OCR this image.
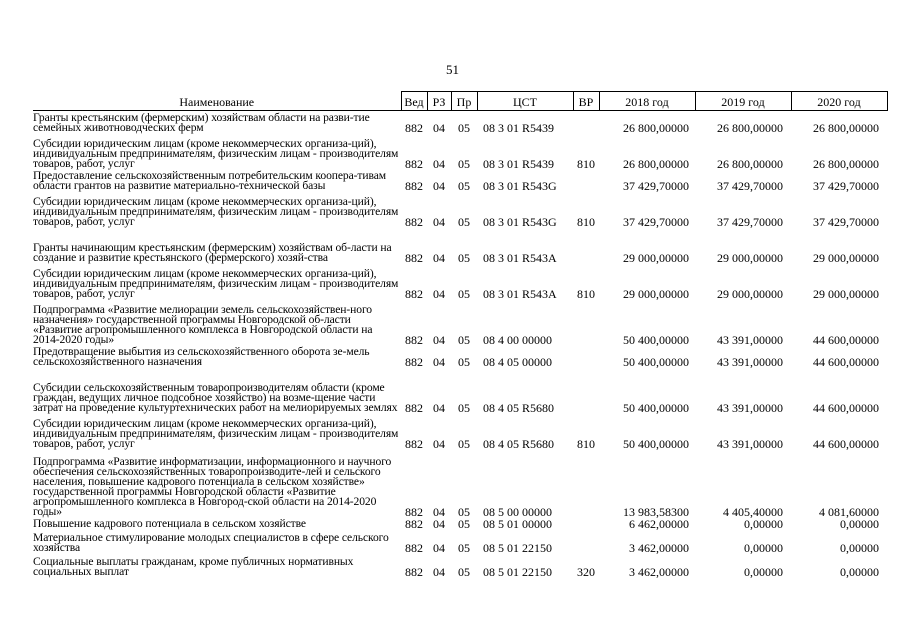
51
Наименование	Вед	РЗ	Пр	ЦСТ	ВР	2018 год	2019 год	2020 год
Гранты крестьянским (фермерским) хозяйствам области на разви-тие семейных животноводческих ферм	882	04	05	08 3 01 R5439		26 800,00000	26 800,00000	26 800,00000
Субсидии юридическим лицам (кроме некоммерческих организа-ций), индивидуальным предпринимателям, физическим лицам - производителям товаров, работ, услуг	882	04	05	08 3 01 R5439	810	26 800,00000	26 800,00000	26 800,00000
Предоставление сельскохозяйственным потребительским коопера-тивам области грантов на развитие материально-технической базы	882	04	05	08 3 01 R543G		37 429,70000	37 429,70000	37 429,70000
Субсидии юридическим лицам (кроме некоммерческих организа-ций), индивидуальным предпринимателям, физическим лицам - производителям товаров, работ, услуг	882	04	05	08 3 01 R543G	810	37 429,70000	37 429,70000	37 429,70000
Гранты начинающим крестьянским (фермерским) хозяйствам об-ласти на создание и развитие крестьянского (фермерского) хозяй-ства	882	04	05	08 3 01 R543A		29 000,00000	29 000,00000	29 000,00000
Субсидии юридическим лицам (кроме некоммерческих организа-ций), индивидуальным предпринимателям, физическим лицам - производителям товаров, работ, услуг	882	04	05	08 3 01 R543A	810	29 000,00000	29 000,00000	29 000,00000
Подпрограмма «Развитие мелиорации земель сельскохозяйствен-ного назначения» государственной программы Новгородской об-ласти «Развитие агропромышленного комплекса в Новгородской области на 2014-2020 годы»	882	04	05	08 4 00 00000		50 400,00000	43 391,00000	44 600,00000
Предотвращение выбытия из сельскохозяйственного оборота зе-мель сельскохозяйственного назначения	882	04	05	08 4 05 00000		50 400,00000	43 391,00000	44 600,00000
Субсидии сельскохозяйственным товаропроизводителям области (кроме граждан, ведущих личное подсобное хозяйство) на возме-щение части затрат на проведение культуртехнических работ на мелиорируемых землях	882	04	05	08 4 05 R5680		50 400,00000	43 391,00000	44 600,00000
Субсидии юридическим лицам (кроме некоммерческих организа-ций), индивидуальным предпринимателям, физическим лицам - производителям товаров, работ, услуг	882	04	05	08 4 05 R5680	810	50 400,00000	43 391,00000	44 600,00000
Подпрограмма «Развитие информатизации, информационного и научного обеспечения сельскохозяйственных товаропроизводите-лей и сельского населения, повышение кадрового потенциала в сельском хозяйстве» государственной программы Новгородской области «Развитие агропромышленного комплекса в Новгород-ской области на 2014-2020 годы»	882	04	05	08 5 00 00000		13 983,58300	4 405,40000	4 081,60000
Повышение кадрового потенциала в сельском хозяйстве	882	04	05	08 5 01 00000		6 462,00000	0,00000	0,00000
Материальное стимулирование молодых специалистов в сфере сельского хозяйства	882	04	05	08 5 01 22150		3 462,00000	0,00000	0,00000
Социальные выплаты гражданам, кроме публичных нормативных социальных выплат	882	04	05	08 5 01 22150	320	3 462,00000	0,00000	0,00000
